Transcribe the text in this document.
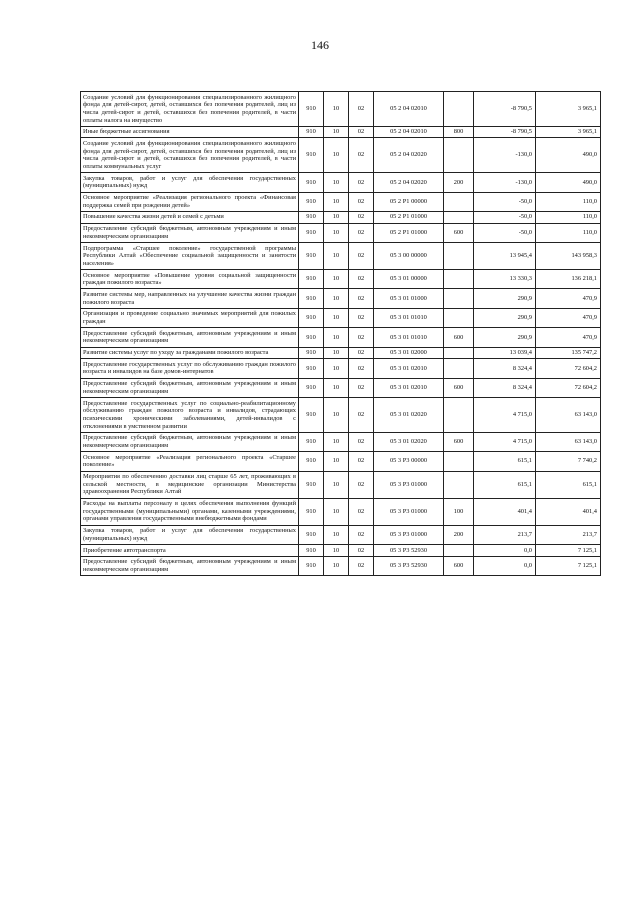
146
Создание условий для функционирования специализированного жилищного фонда для детей-сирот, детей, оставшихся без попечения родителей, лиц из числа детей-сирот и детей, оставшихся без попечения родителей, в части оплаты налога на имущество	910	10	02	05 2 04 02010		-8 790,5	3 965,1
Иные бюджетные ассигнования	910	10	02	05 2 04 02010	800	-8 790,5	3 965,1
Создание условий для функционирования специализированного жилищного фонда для детей-сирот, детей, оставшихся без попечения родителей, лиц из числа детей-сирот и детей, оставшихся без попечения родителей, в части оплаты коммунальных услуг	910	10	02	05 2 04 02020		-130,0	490,0
Закупка товаров, работ и услуг для обеспечения государственных (муниципальных) нужд	910	10	02	05 2 04 02020	200	-130,0	490,0
Основное мероприятие «Реализация регионального проекта «Финансовая поддержка семей при рождении детей»	910	10	02	05 2 P1 00000		-50,0	110,0
Повышение качества жизни детей и семей с детьми	910	10	02	05 2 P1 01000		-50,0	110,0
Предоставление субсидий бюджетным, автономным учреждениям и иным некоммерческим организациям	910	10	02	05 2 P1 01000	600	-50,0	110,0
Подпрограмма «Старшее поколение» государственной программы Республики Алтай «Обеспечение социальной защищенности и занятости населения»	910	10	02	05 3 00 00000		13 945,4	143 958,3
Основное мероприятие «Повышение уровня социальной защищенности граждан пожилого возраста»	910	10	02	05 3 01 00000		13 330,3	136 218,1
Развитие системы мер, направленных на улучшение качества жизни граждан пожилого возраста	910	10	02	05 3 01 01000		290,9	470,9
Организация и проведение социально значимых мероприятий для пожилых граждан	910	10	02	05 3 01 01010		290,9	470,9
Предоставление субсидий бюджетным, автономным учреждениям и иным некоммерческим организациям	910	10	02	05 3 01 01010	600	290,9	470,9
Развитие системы услуг по уходу за гражданами пожилого возраста	910	10	02	05 3 01 02000		13 039,4	135 747,2
Предоставление государственных услуг по обслуживанию граждан пожилого возраста и инвалидов на базе домов-интернатов	910	10	02	05 3 01 02010		8 324,4	72 604,2
Предоставление субсидий бюджетным, автономным учреждениям и иным некоммерческим организациям	910	10	02	05 3 01 02010	600	8 324,4	72 604,2
Предоставление государственных услуг по социально-реабилитационному обслуживанию граждан пожилого возраста и инвалидов, страдающих психическими хроническими заболеваниями, детей-инвалидов с отклонениями в умственном развитии	910	10	02	05 3 01 02020		4 715,0	63 143,0
Предоставление субсидий бюджетным, автономным учреждениям и иным некоммерческим организациям	910	10	02	05 3 01 02020	600	4 715,0	63 143,0
Основное мероприятие «Реализация регионального проекта «Старшее поколение»	910	10	02	05 3 P3 00000		615,1	7 740,2
Мероприятия по обеспечению доставки лиц старше 65 лет, проживающих в сельской местности, в медицинские организации Министерства здравоохранения Республики Алтай	910	10	02	05 3 P3 01000		615,1	615,1
Расходы на выплаты персоналу в целях обеспечения выполнения функций государственными (муниципальными) органами, казенными учреждениями, органами управления государственными внебюджетными фондами	910	10	02	05 3 P3 01000	100	401,4	401,4
Закупка товаров, работ и услуг для обеспечения государственных (муниципальных) нужд	910	10	02	05 3 P3 01000	200	213,7	213,7
Приобретение автотранспорта	910	10	02	05 3 P3 52930		0,0	7 125,1
Предоставление субсидий бюджетным, автономным учреждениям и иным некоммерческим организациям	910	10	02	05 3 P3 52930	600	0,0	7 125,1
